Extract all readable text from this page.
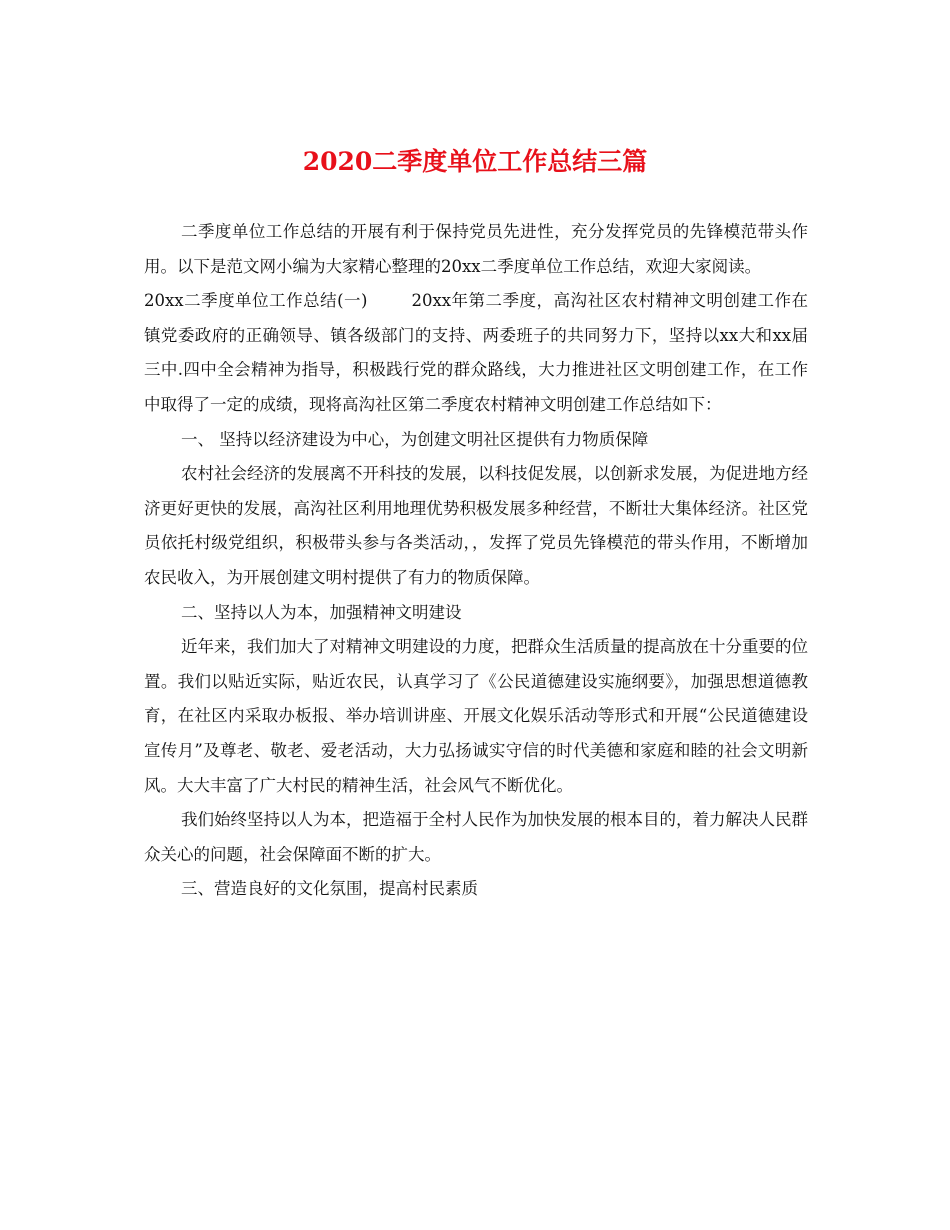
2020二季度单位工作总结三篇

二季度单位工作总结的开展有利于保持党员先进性，充分发挥党员的先锋模范带头作用。以下是范文网小编为大家精心整理的20xx二季度单位工作总结，欢迎大家阅读。

20xx二季度单位工作总结(一)	20xx年第二季度，高沟社区农村精神文明创建工作在镇党委政府的正确领导、镇各级部门的支持、两委班子的共同努力下，坚持以xx大和xx届三中.四中全会精神为指导，积极践行党的群众路线，大力推进社区文明创建工作，在工作中取得了一定的成绩，现将高沟社区第二季度农村精神文明创建工作总结如下：

一、 坚持以经济建设为中心，为创建文明社区提供有力物质保障

农村社会经济的发展离不开科技的发展，以科技促发展，以创新求发展，为促进地方经济更好更快的发展，高沟社区利用地理优势积极发展多种经营，不断壮大集体经济。社区党员依托村级党组织，积极带头参与各类活动，，发挥了党员先锋模范的带头作用，不断增加农民收入，为开展创建文明村提供了有力的物质保障。

二、坚持以人为本，加强精神文明建设

近年来，我们加大了对精神文明建设的力度，把群众生活质量的提高放在十分重要的位置。我们以贴近实际，贴近农民，认真学习了《公民道德建设实施纲要》，加强思想道德教育，在社区内采取办板报、举办培训讲座、开展文化娱乐活动等形式和开展“公民道德建设宣传月”及尊老、敬老、爱老活动，大力弘扬诚实守信的时代美德和家庭和睦的社会文明新风。大大丰富了广大村民的精神生活，社会风气不断优化。

我们始终坚持以人为本，把造福于全村人民作为加快发展的根本目的，着力解决人民群众关心的问题，社会保障面不断的扩大。

三、营造良好的文化氛围，提高村民素质
